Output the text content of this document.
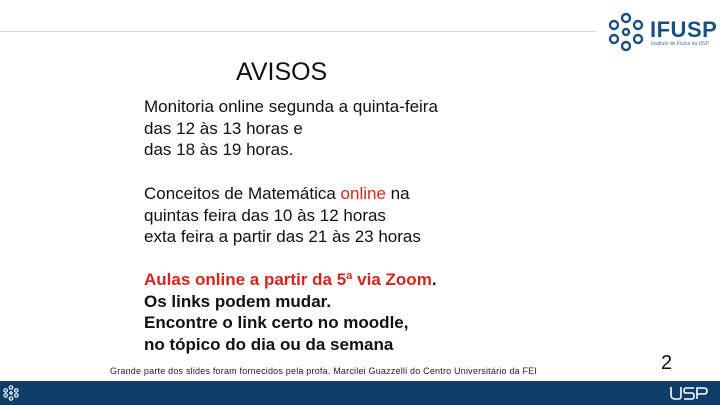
IFUSP
Instituto de Física da USP
AVISOS
Monitoria online segunda a quinta-feira
das 12 às 13 horas e
das 18 às 19 horas.
Conceitos de Matemática online na
quintas feira das 10 às 12 horas
exta feira a partir das 21 às 23 horas
Aulas online a partir da 5ª via Zoom.
Os links podem mudar.
Encontre o link certo no moodle,
no tópico do dia ou da semana
Grande parte dos slides foram fornecidos pela profa. Marcilei Guazzelli do Centro Universitário da FEI	2
